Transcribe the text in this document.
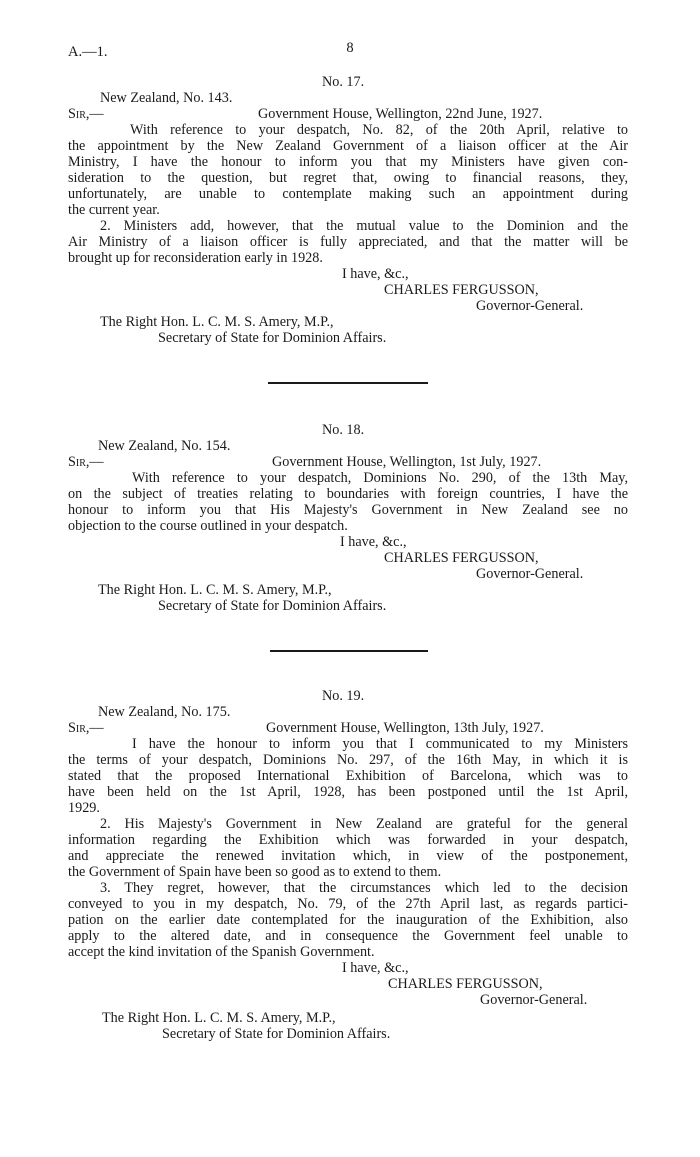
A.—1.	8
No. 17.
New Zealand, No. 143.
Sir,—	Government House, Wellington, 22nd June, 1927.
With reference to your despatch, No. 82, of the 20th April, relative to
the appointment by the New Zealand Government of a liaison officer at the Air
Ministry, I have the honour to inform you that my Ministers have given con-
sideration to the question, but regret that, owing to financial reasons, they,
unfortunately, are unable to contemplate making such an appointment during
the current year.
2. Ministers add, however, that the mutual value to the Dominion and the
Air Ministry of a liaison officer is fully appreciated, and that the matter will be
brought up for reconsideration early in 1928.
I have, &c.,
CHARLES FERGUSSON,
Governor-General.
The Right Hon. L. C. M. S. Amery, M.P.,
Secretary of State for Dominion Affairs.
No. 18.
New Zealand, No. 154.
Sir,—	Government House, Wellington, 1st July, 1927.
With reference to your despatch, Dominions No. 290, of the 13th May,
on the subject of treaties relating to boundaries with foreign countries, I have the
honour to inform you that His Majesty's Government in New Zealand see no
objection to the course outlined in your despatch.
I have, &c.,
CHARLES FERGUSSON,
Governor-General.
The Right Hon. L. C. M. S. Amery, M.P.,
Secretary of State for Dominion Affairs.
No. 19.
New Zealand, No. 175.
Sir,—	Government House, Wellington, 13th July, 1927.
I have the honour to inform you that I communicated to my Ministers
the terms of your despatch, Dominions No. 297, of the 16th May, in which it is
stated that the proposed International Exhibition of Barcelona, which was to
have been held on the 1st April, 1928, has been postponed until the 1st April,
1929.
2. His Majesty's Government in New Zealand are grateful for the general
information regarding the Exhibition which was forwarded in your despatch,
and appreciate the renewed invitation which, in view of the postponement,
the Government of Spain have been so good as to extend to them.
3. They regret, however, that the circumstances which led to the decision
conveyed to you in my despatch, No. 79, of the 27th April last, as regards partici-
pation on the earlier date contemplated for the inauguration of the Exhibition, also
apply to the altered date, and in consequence the Government feel unable to
accept the kind invitation of the Spanish Government.
I have, &c.,
CHARLES FERGUSSON,
Governor-General.
The Right Hon. L. C. M. S. Amery, M.P.,
Secretary of State for Dominion Affairs.
